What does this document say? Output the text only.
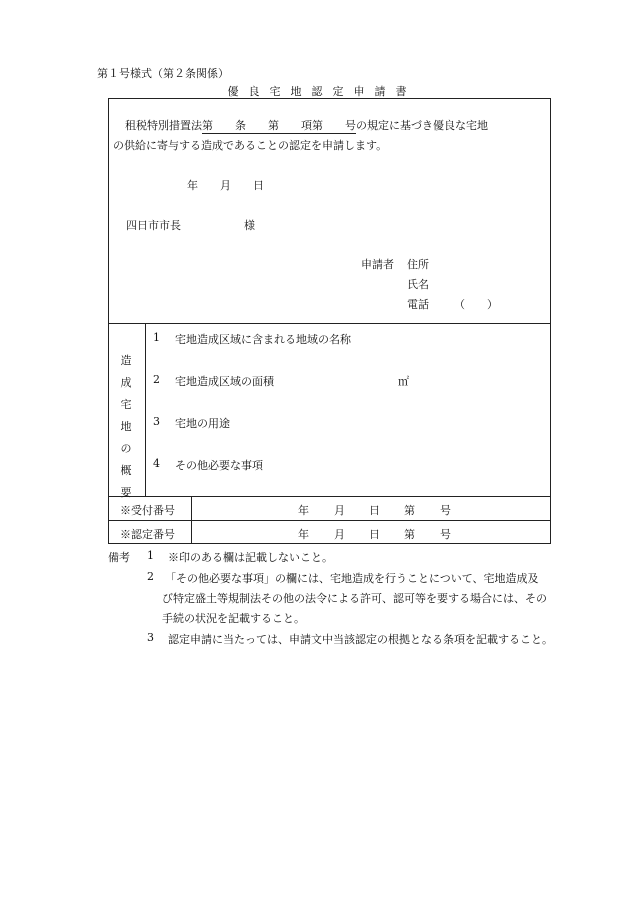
第１号様式（第２条関係）
優良宅地認定申請書
租税特別措置法第　　条　　第　　項第　　号の規定に基づき優良な宅地
の供給に寄与する造成であることの認定を申請します。
年　　月　　日
四日市市長	様
申請者 住所
氏名
電話 （　　）
造
成
宅
地
の
概
要
1 宅地造成区域に含まれる地域の名称
2 宅地造成区域の面積	㎡
3 宅地の用途
4 その他必要な事項
※受付番号	年 月 日 第 号
※認定番号	年 月 日 第 号
備考 1 ※印のある欄は記載しないこと。
2 「その他必要な事項」の欄には、宅地造成を行うことについて、宅地造成及
び特定盛土等規制法その他の法令による許可、認可等を要する場合には、その
手続の状況を記載すること。
3 認定申請に当たっては、申請文中当該認定の根拠となる条項を記載すること。
